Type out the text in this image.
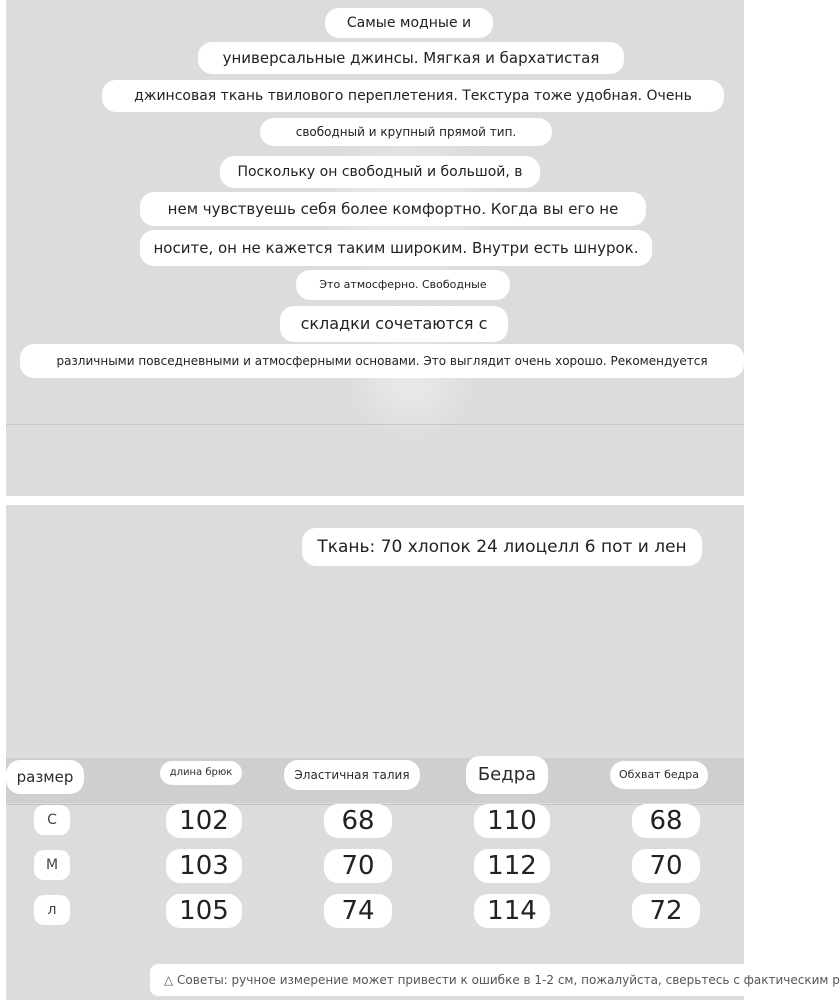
Самые модные и
универсальные джинсы. Мягкая и бархатистая
джинсовая ткань твилового переплетения. Текстура тоже удобная. Очень
свободный и крупный прямой тип.
Поскольку он свободный и большой, в
нем чувствуешь себя более комфортно. Когда вы его не
носите, он не кажется таким широким. Внутри есть шнурок.
Это атмосферно. Свободные
складки сочетаются с
различными повседневными и атмосферными основами. Это выглядит очень хорошо. Рекомендуется
Ткань: 70 хлопок 24 лиоцелл 6 пот и лен
размер	длина брюк	Эластичная талия	Бедра	Обхват бедра
С	102	68	110	68
М	103	70	112	70
л	105	74	114	72
△ Советы: ручное измерение может привести к ошибке в 1-2 см, пожалуйста, сверьтесь с фактическим р
